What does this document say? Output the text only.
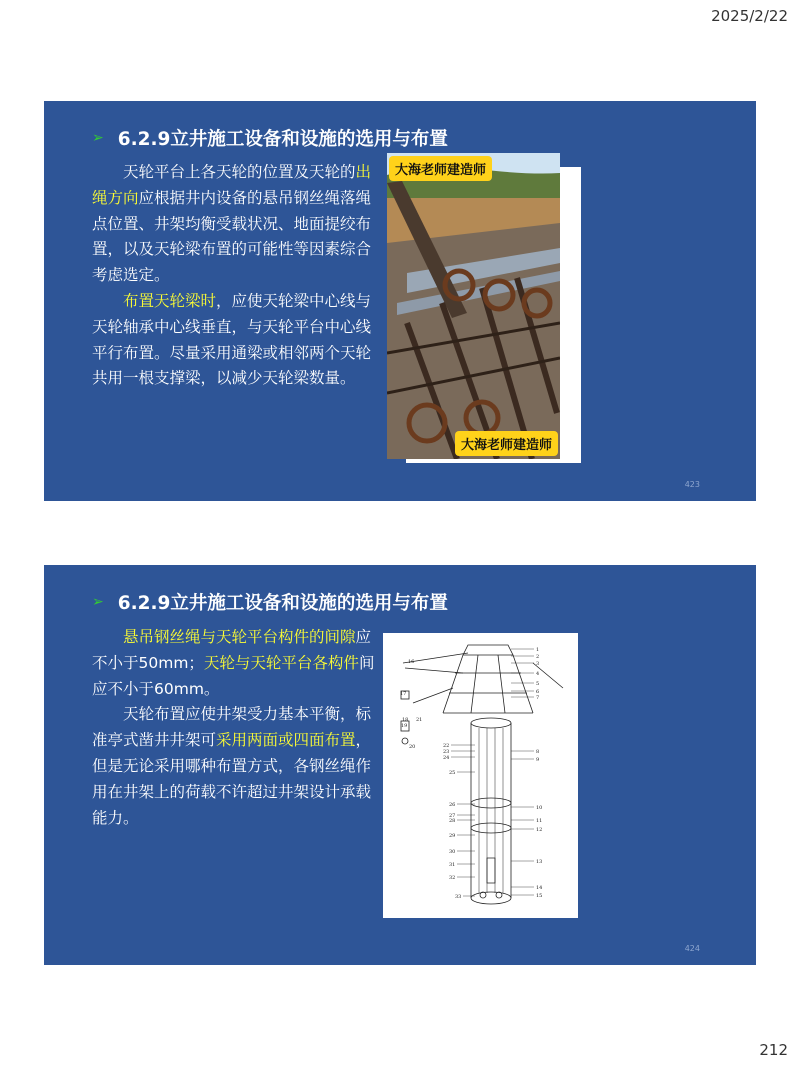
2025/2/22
➢ 6.2.9立井施工设备和设施的选用与布置

天轮平台上各天轮的位置及天轮的出绳方向应根据井内设备的悬吊钢丝绳落绳点位置、井架均衡受载状况、地面提绞布置，以及天轮梁布置的可能性等因素综合考虑选定。

布置天轮梁时，应使天轮梁中心线与天轮轴承中心线垂直，与天轮平台中心线平行布置。尽量采用通梁或相邻两个天轮共用一根支撑梁，以减少天轮梁数量。

大海老师建造师
大海老师建造师
423
➢ 6.2.9立井施工设备和设施的选用与布置

悬吊钢丝绳与天轮平台构件的间隙应不小于50mm；天轮与天轮平台各构件间应不小于60mm。

天轮布置应使井架受力基本平衡，标准亭式凿井井架可采用两面或四面布置，但是无论采用哪种布置方式，各钢丝绳作用在井架上的荷载不许超过井架设计承载能力。

1
2
3
4
5
6
7
8
9
10
11
12
13
14
15
16
17
18
19
20
21
22
23
24
25
26
27
28
29
30
31
32
33
424
212
